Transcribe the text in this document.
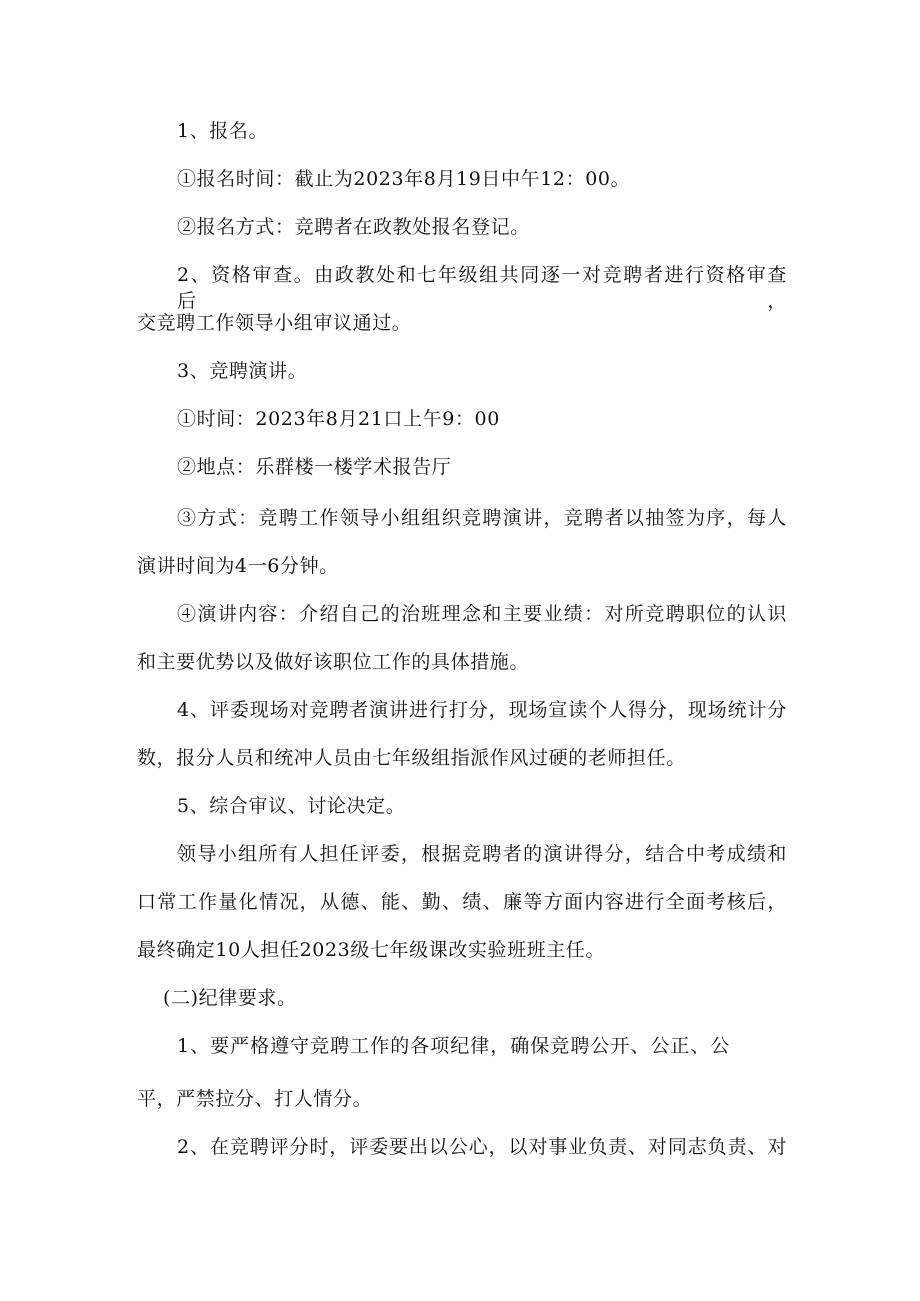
1、报名。
①报名时间：截止为2023年8月19日中午12：00。
②报名方式：竞聘者在政教处报名登记。
2、资格审查。由政教处和七年级组共同逐一对竞聘者进行资格审查后，
交竞聘工作领导小组审议通过。
3、竞聘演讲。
①时间：2023年8月21口上午9：00
②地点：乐群楼一楼学术报告厅
③方式：竞聘工作领导小组组织竞聘演讲，竞聘者以抽签为序，每人
演讲时间为4一6分钟。
④演讲内容：介绍自己的治班理念和主要业绩：对所竞聘职位的认识
和主要优势以及做好该职位工作的具体措施。
4、评委现场对竞聘者演讲进行打分，现场宣读个人得分，现场统计分
数，报分人员和统冲人员由七年级组指派作风过硬的老师担任。
5、综合审议、讨论决定。
领导小组所有人担任评委，根据竞聘者的演讲得分，结合中考成绩和
口常工作量化情况，从德、能、勤、绩、廉等方面内容进行全面考核后，
最终确定10人担任2023级七年级课改实验班班主任。
(二)纪律要求。
1、要严格遵守竞聘工作的各项纪律，确保竞聘公开、公正、公
平，严禁拉分、打人情分。
2、在竞聘评分时，评委要出以公心，以对事业负责、对同志负责、对
